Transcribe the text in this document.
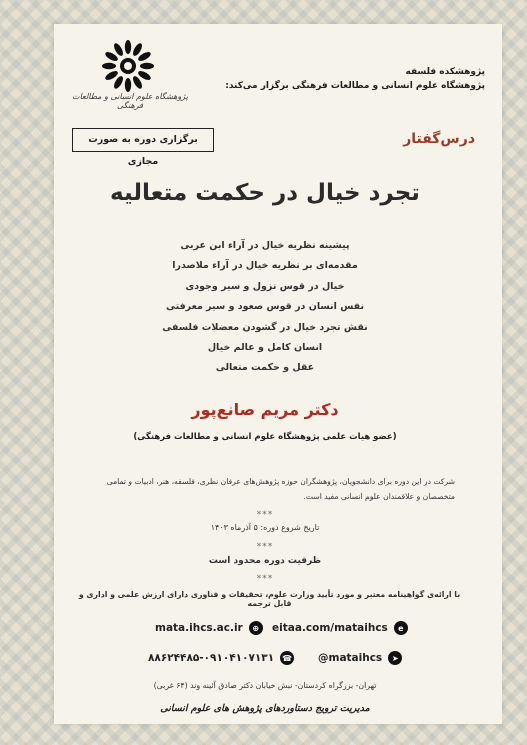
پژوهشگاه علوم انسانی و مطالعات فرهنگی
پژوهشکده فلسفه
پژوهشگاه علوم انسانی و مطالعات فرهنگی برگزار می‌کند:
برگزاری دوره به صورت مجازی
درس‌گفتار
تجرد خیال در حکمت متعالیه
پیشینه نظریه خیال در آراء ابن عربی
مقدمه‌ای بر نظریه خیال در آراء ملاصدرا
خیال در قوس نزول و سیر وجودی
نفس انسان در قوس صعود و سیر معرفتی
نقش تجرد خیال در گشودن معضلات فلسفی
انسان کامل و عالم خیال
عقل و حکمت متعالی
دکتر مریم صانع‌پور
(عضو هیات علمی پژوهشگاه علوم انسانی و مطالعات فرهنگی)
شرکت در این دوره برای دانشجویان، پژوهشگران حوزه پژوهش‌های عرفان نظری، فلسفه، هنر، ادبیات و تمامی متخصصان و علاقمندان علوم انسانی مفید است.
***
تاریخ شروع دوره: ۵ آذرماه ۱۴۰۳
***
ظرفیت دوره محدود است
***
با ارائه‌ی گواهینامه معتبر و مورد تأیید وزارت علوم، تحقیقات و فناوری دارای ارزش علمی و اداری و قابل ترجمه
mata.ihcs.ac.ir	⊕	eitaa.com/mataihcs	e
۸۸۶۲۴۴۸۵-۰۹۱۰۴۱۰۷۱۳۱ ☎ @mataihcs	➤
تهران- بزرگراه کردستان- نبش خیابان دکتر صادق آئینه وند (۶۴ غربی)
مدیریت ترویج دستاوردهای پژوهش های علوم انسانی
